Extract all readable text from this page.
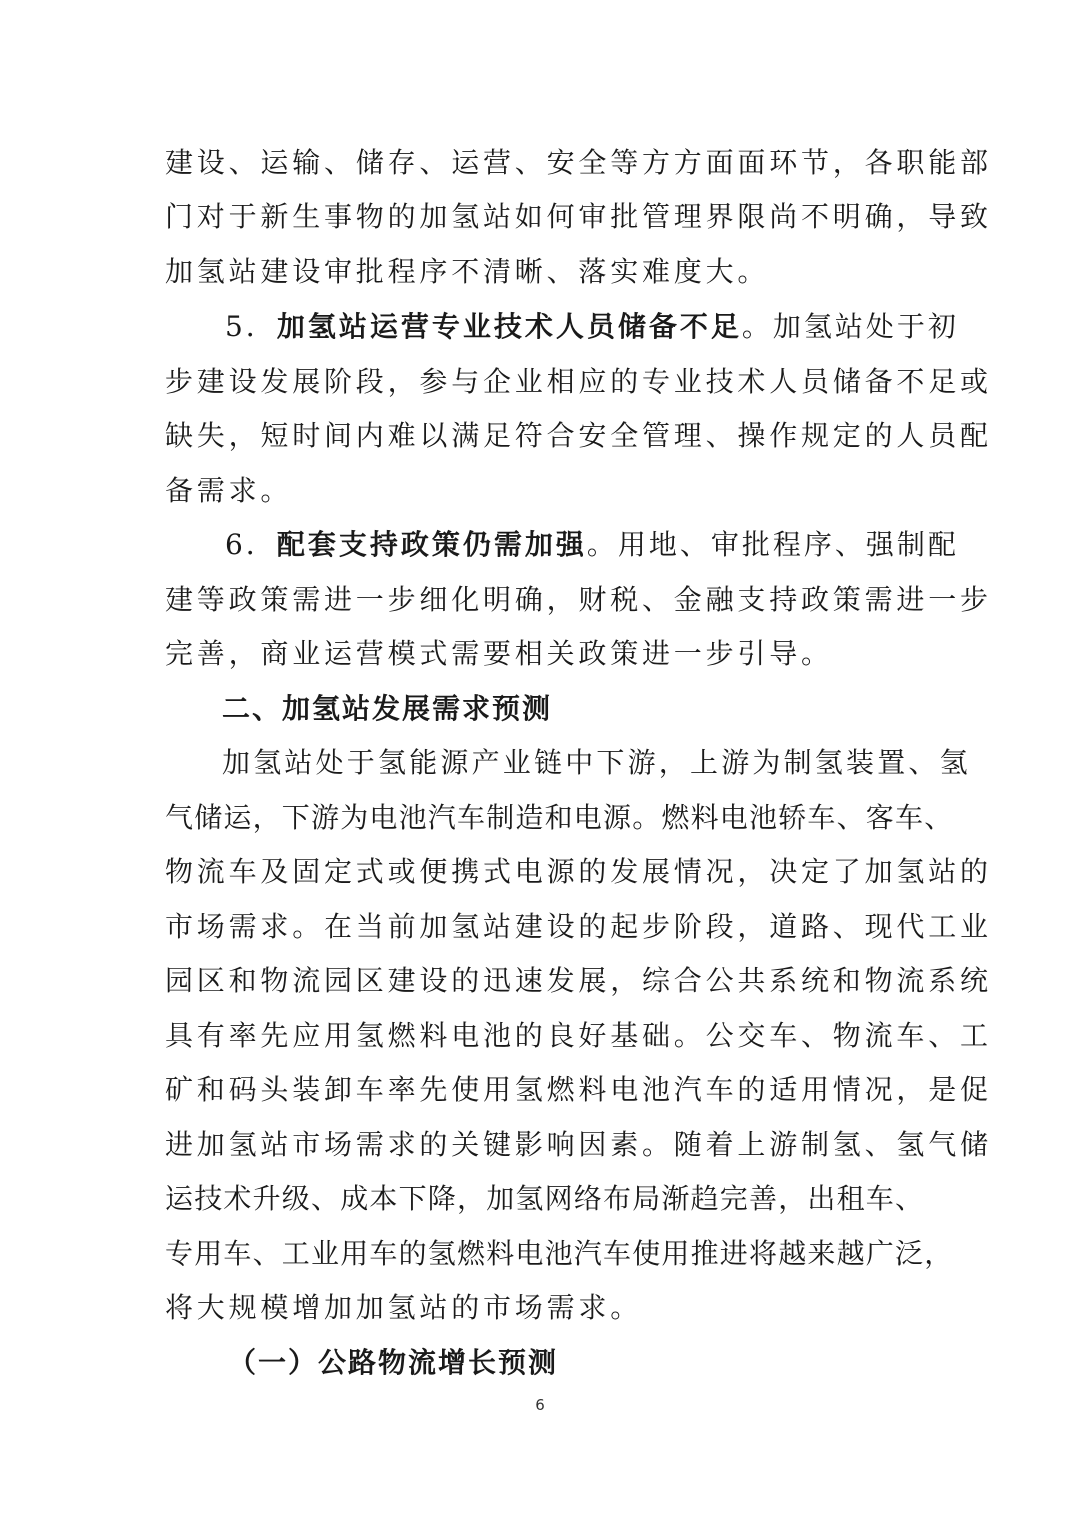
建设、运输、储存、运营、安全等方方面面环节，各职能部
门对于新生事物的加氢站如何审批管理界限尚不明确，导致
加氢站建设审批程序不清晰、落实难度大。
5．加氢站运营专业技术人员储备不足。加氢站处于初
步建设发展阶段，参与企业相应的专业技术人员储备不足或
缺失，短时间内难以满足符合安全管理、操作规定的人员配
备需求。
6．配套支持政策仍需加强。用地、审批程序、强制配
建等政策需进一步细化明确，财税、金融支持政策需进一步
完善，商业运营模式需要相关政策进一步引导。
二、加氢站发展需求预测
加氢站处于氢能源产业链中下游，上游为制氢装置、氢
气储运，下游为电池汽车制造和电源。燃料电池轿车、客车、
物流车及固定式或便携式电源的发展情况，决定了加氢站的
市场需求。在当前加氢站建设的起步阶段，道路、现代工业
园区和物流园区建设的迅速发展，综合公共系统和物流系统
具有率先应用氢燃料电池的良好基础。公交车、物流车、工
矿和码头装卸车率先使用氢燃料电池汽车的适用情况，是促
进加氢站市场需求的关键影响因素。随着上游制氢、氢气储
运技术升级、成本下降，加氢网络布局渐趋完善，出租车、
专用车、工业用车的氢燃料电池汽车使用推进将越来越广泛，
将大规模增加加氢站的市场需求。
（一）公路物流增长预测
6
